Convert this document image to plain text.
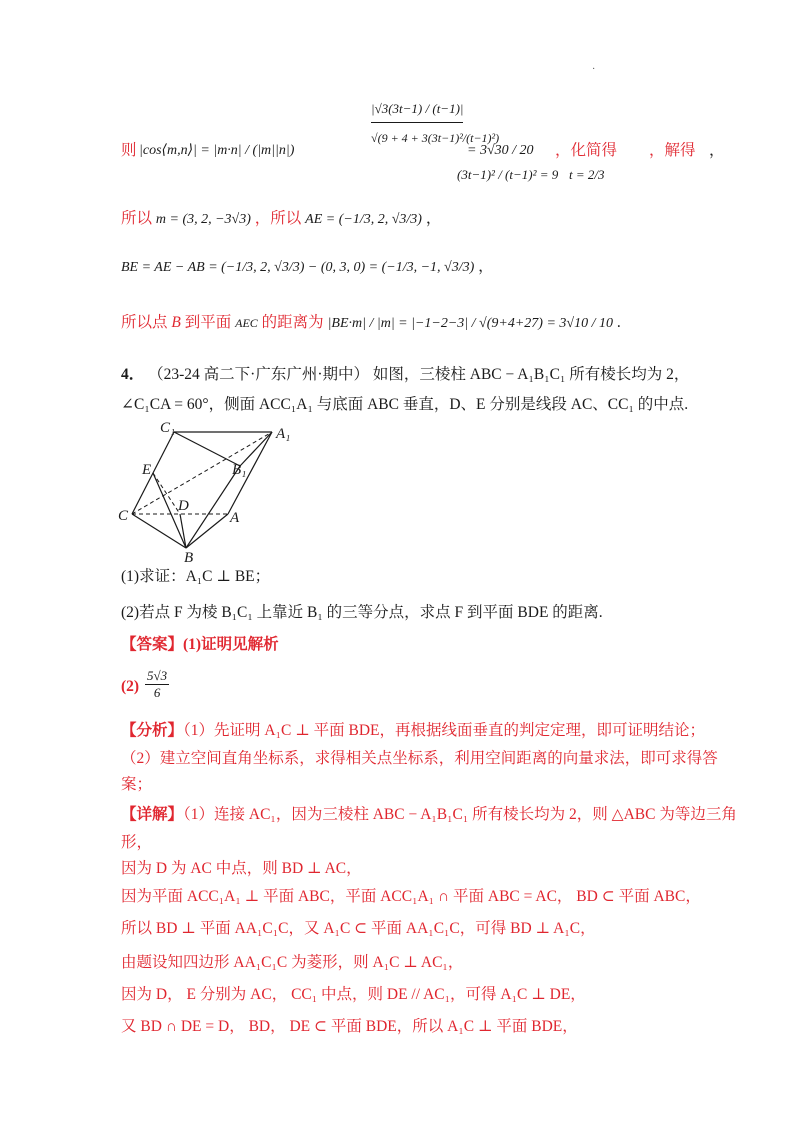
·
则 |cos⟨m,n⟩| = |m·n| / (|m||n|)
$\frac{|√3(3t-1) / (t-1)|}{\text{√(9 + 4 + 3(3t−1)²/(t−1)²)}}$
= 3√30 / 20 ，化简得
(3t−1)² / (t−1)² = 9
，解得
t = 2/3
，
所以 m = (3, 2, −3√3) ，所以 AE = (−1/3, 2, √3/3) ，
BE = AE − AB = (−1/3, 2, √3/3) − (0, 3, 0) = (−1/3, −1, √3/3) ，
所以点 B 到平面 AEC 的距离为 |BE·m| / |m| = |−1−2−3| / √(9+4+27) = 3√10 / 10 .
4． （23-24 高二下·广东广州·期中） 如图，三棱柱 ABC − A₁B₁C₁ 所有棱长均为 2，
∠C₁CA = 60°，侧面 ACC₁A₁ 与底面 ABC 垂直，D、E 分别是线段 AC、CC₁ 的中点.
C₁	A₁
E	B₁
C
D
A
B
(1)求证：A₁C ⊥ BE；
(2)若点 F 为棱 B₁C₁ 上靠近 B₁ 的三等分点，求点 F 到平面 BDE 的距离.
【答案】(1)证明见解析
$(2) \frac{5√3}{6}$
【分析】（1）先证明 A₁C ⊥ 平面 BDE，再根据线面垂直的判定定理，即可证明结论；
（2）建立空间直角坐标系，求得相关点坐标系，利用空间距离的向量求法，即可求得答
案；
【详解】（1）连接 AC₁，因为三棱柱 ABC − A₁B₁C₁ 所有棱长均为 2，则 △ABC 为等边三角
形，
因为 D 为 AC 中点，则 BD ⊥ AC，
因为平面 ACC₁A₁ ⊥ 平面 ABC，平面 ACC₁A₁ ∩ 平面 ABC = AC， BD ⊂ 平面 ABC，
所以 BD ⊥ 平面 AA₁C₁C，又 A₁C ⊂ 平面 AA₁C₁C，可得 BD ⊥ A₁C，
由题设知四边形 AA₁C₁C 为菱形，则 A₁C ⊥ AC₁，
因为 D， E 分别为 AC， CC₁ 中点，则 DE // AC₁，可得 A₁C ⊥ DE，
又 BD ∩ DE = D， BD， DE ⊂ 平面 BDE，所以 A₁C ⊥ 平面 BDE，
